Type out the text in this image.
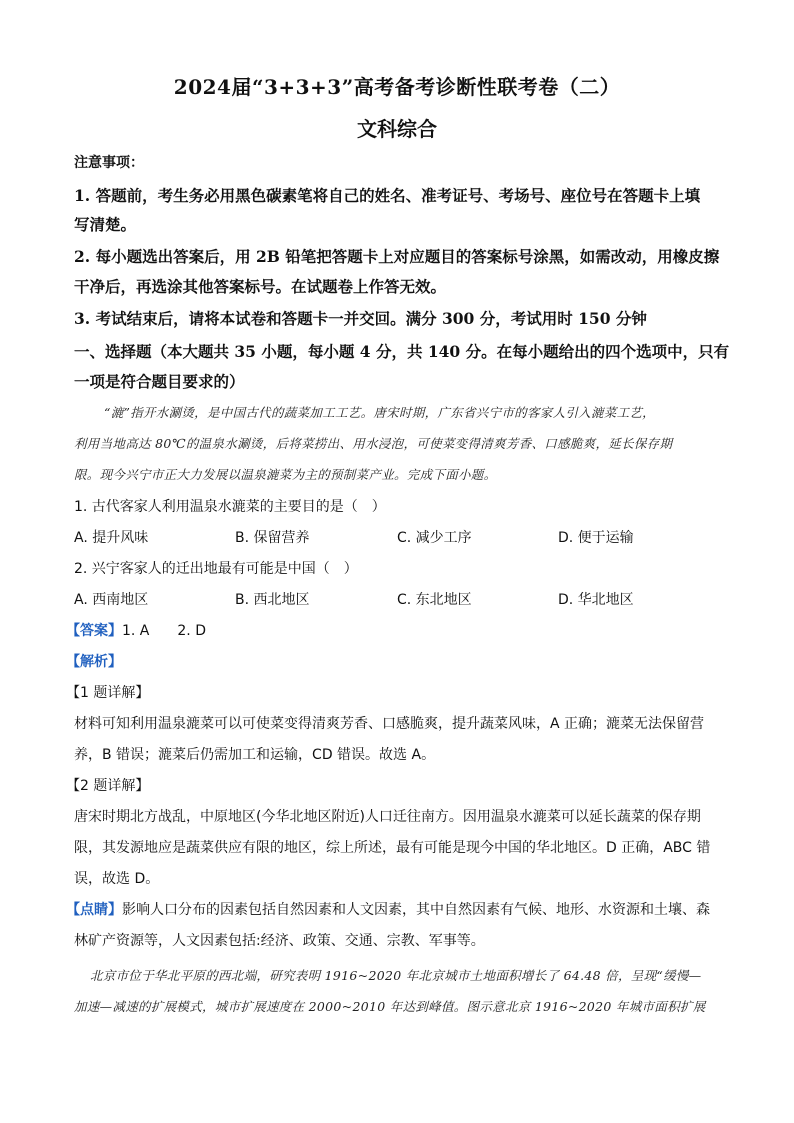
2024届“3+3+3”高考备考诊断性联考卷（二）
文科综合
注意事项：
1. 答题前，考生务必用黑色碳素笔将自己的姓名、准考证号、考场号、座位号在答题卡上填
写清楚。
2. 每小题选出答案后，用 2B 铅笔把答题卡上对应题目的答案标号涂黑，如需改动，用橡皮擦
干净后，再选涂其他答案标号。在试题卷上作答无效。
3. 考试结束后，请将本试卷和答题卡一并交回。满分 300 分，考试用时 150 分钟
一、选择题（本大题共 35 小题，每小题 4 分，共 140 分。在每小题给出的四个选项中，只有
一项是符合题目要求的）
“漉”指开水涮烫，是中国古代的蔬菜加工工艺。唐宋时期，广东省兴宁市的客家人引入漉菜工艺，
利用当地高达 80℃的温泉水涮烫，后将菜捞出、用水浸泡，可使菜变得清爽芳香、口感脆爽，延长保存期
限。现今兴宁市正大力发展以温泉漉菜为主的预制菜产业。完成下面小题。
1. 古代客家人利用温泉水漉菜的主要目的是（　）
A. 提升风味	B. 保留营养	C. 减少工序	D. 便于运输
2. 兴宁客家人的迁出地最有可能是中国（　）
A. 西南地区	B. 西北地区	C. 东北地区	D. 华北地区
【答案】1. A　　2. D
【解析】
【1 题详解】
材料可知利用温泉漉菜可以可使菜变得清爽芳香、口感脆爽，提升蔬菜风味，A 正确；漉菜无法保留营
养，B 错误；漉菜后仍需加工和运输，CD 错误。故选 A。
【2 题详解】
唐宋时期北方战乱，中原地区(今华北地区附近)人口迁往南方。因用温泉水漉菜可以延长蔬菜的保存期
限，其发源地应是蔬菜供应有限的地区，综上所述，最有可能是现今中国的华北地区。D 正确，ABC 错
误，故选 D。
【点睛】影响人口分布的因素包括自然因素和人文因素，其中自然因素有气候、地形、水资源和土壤、森
林矿产资源等，人文因素包括:经济、政策、交通、宗教、军事等。
北京市位于华北平原的西北端，研究表明 1916~2020 年北京城市土地面积增长了 64.48 倍，呈现“缓慢—
加速—减速的扩展模式，城市扩展速度在 2000~2010 年达到峰值。图示意北京 1916~2020 年城市面积扩展
